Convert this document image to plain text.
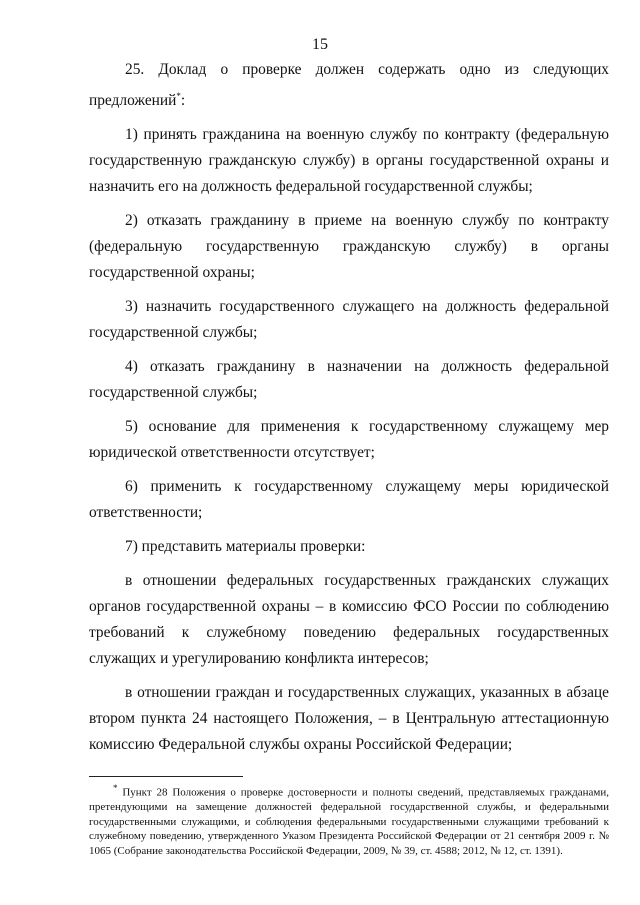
15

25. Доклад о проверке должен содержать одно из следующих предложений*:

1) принять гражданина на военную службу по контракту (федеральную государственную гражданскую службу) в органы государственной охраны и назначить его на должность федеральной государственной службы;

2) отказать гражданину в приеме на военную службу по контракту (федеральную государственную гражданскую службу) в органы государственной охраны;

3) назначить государственного служащего на должность федеральной государственной службы;

4) отказать гражданину в назначении на должность федеральной государственной службы;

5) основание для применения к государственному служащему мер юридической ответственности отсутствует;

6) применить к государственному служащему меры юридической ответственности;

7) представить материалы проверки:

в отношении федеральных государственных гражданских служащих органов государственной охраны – в комиссию ФСО России по соблюдению требований к служебному поведению федеральных государственных служащих и урегулированию конфликта интересов;

в отношении граждан и государственных служащих, указанных в абзаце втором пункта 24 настоящего Положения, – в Центральную аттестационную комиссию Федеральной службы охраны Российской Федерации;

* Пункт 28 Положения о проверке достоверности и полноты сведений, представляемых гражданами, претендующими на замещение должностей федеральной государственной службы, и федеральными государственными служащими, и соблюдения федеральными государственными служащими требований к служебному поведению, утвержденного Указом Президента Российской Федерации от 21 сентября 2009 г. № 1065 (Собрание законодательства Российской Федерации, 2009, № 39, ст. 4588; 2012, № 12, ст. 1391).
